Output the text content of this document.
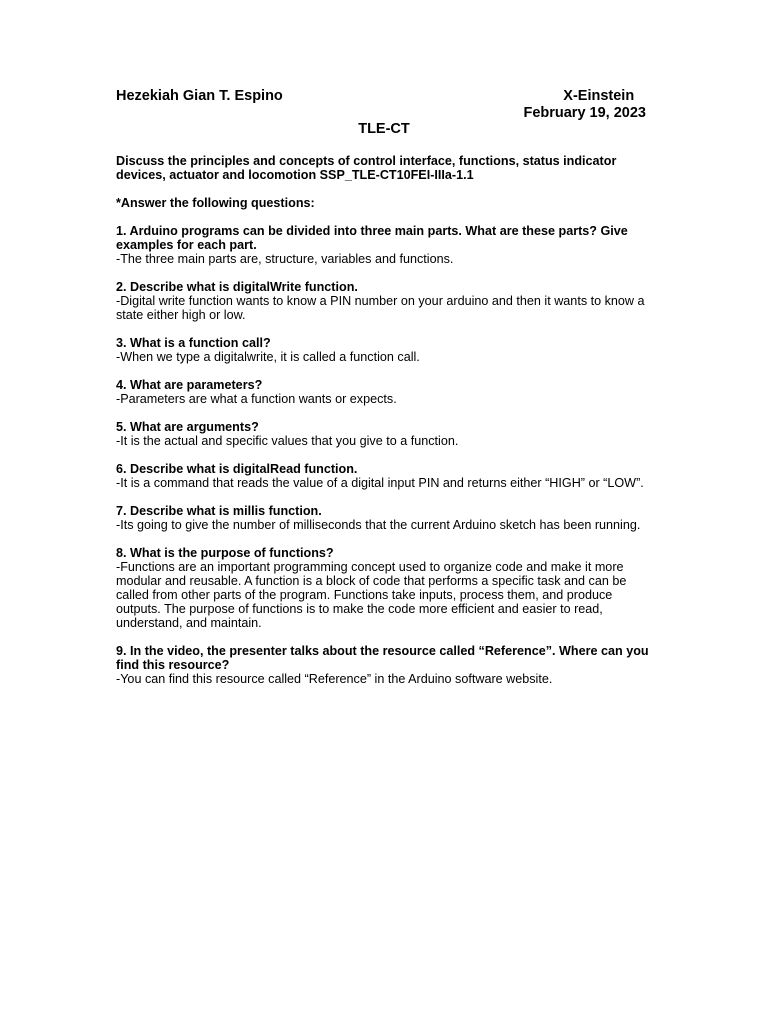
Hezekiah Gian T. Espino	X-Einstein
February 19, 2023
TLE-CT
Discuss the principles and concepts of control interface, functions, status indicator devices, actuator and locomotion SSP_TLE-CT10FEI-IIIa-1.1
*Answer the following questions:
1. Arduino programs can be divided into three main parts. What are these parts? Give examples for each part.
-The three main parts are, structure, variables and functions.
2. Describe what is digitalWrite function.
-Digital write function wants to know a PIN number on your arduino and then it wants to know a state either high or low.
3. What is a function call?
-When we type a digitalwrite, it is called a function call.
4. What are parameters?
-Parameters are what a function wants or expects.
5. What are arguments?
-It is the actual and specific values that you give to a function.
6. Describe what is digitalRead function.
-It is a command that reads the value of a digital input PIN and returns either “HIGH” or “LOW”.
7. Describe what is millis function.
-Its going to give the number of milliseconds that the current Arduino sketch has been running.
8. What is the purpose of functions?
-Functions are an important programming concept used to organize code and make it more modular and reusable. A function is a block of code that performs a specific task and can be called from other parts of the program. Functions take inputs, process them, and produce outputs. The purpose of functions is to make the code more efficient and easier to read, understand, and maintain.
9. In the video, the presenter talks about the resource called “Reference”. Where can you find this resource?
-You can find this resource called “Reference” in the Arduino software website.
